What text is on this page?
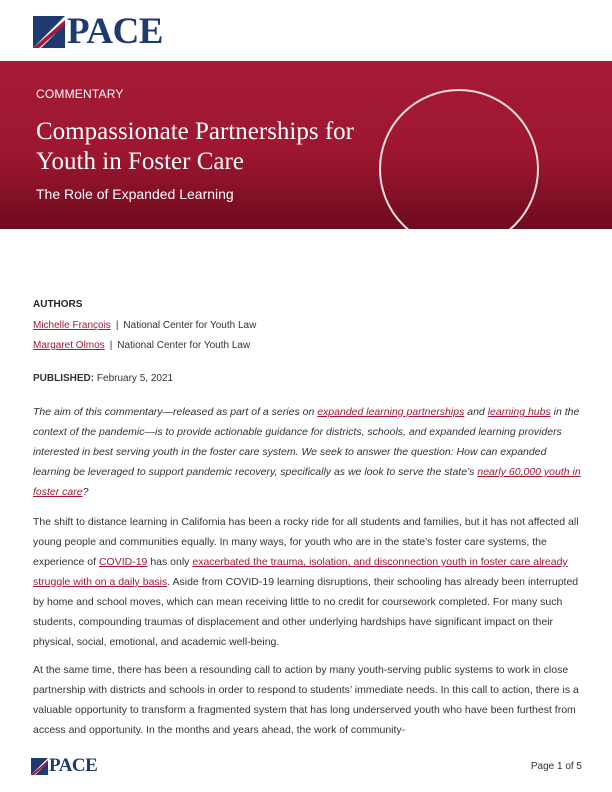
PACE
COMMENTARY
Compassionate Partnerships for Youth in Foster Care
The Role of Expanded Learning
AUTHORS
Michelle François | National Center for Youth Law
Margaret Olmos | National Center for Youth Law
PUBLISHED: February 5, 2021

The aim of this commentary—released as part of a series on expanded learning partnerships and learning hubs in the context of the pandemic—is to provide actionable guidance for districts, schools, and expanded learning providers interested in best serving youth in the foster care system. We seek to answer the question: How can expanded learning be leveraged to support pandemic recovery, specifically as we look to serve the state’s nearly 60,000 youth in foster care?

The shift to distance learning in California has been a rocky ride for all students and families, but it has not affected all young people and communities equally. In many ways, for youth who are in the state’s foster care systems, the experience of COVID-19 has only exacerbated the trauma, isolation, and disconnection youth in foster care already struggle with on a daily basis. Aside from COVID-19 learning disruptions, their schooling has already been interrupted by home and school moves, which can mean receiving little to no credit for coursework completed. For many such students, compounding traumas of displacement and other underlying hardships have significant impact on their physical, social, emotional, and academic well-being.

At the same time, there has been a resounding call to action by many youth-serving public systems to work in close partnership with districts and schools in order to respond to students’ immediate needs. In this call to action, there is a valuable opportunity to transform a fragmented system that has long underserved youth who have been furthest from access and opportunity. In the months and years ahead, the work of community-

PACE	Page 1 of 5
